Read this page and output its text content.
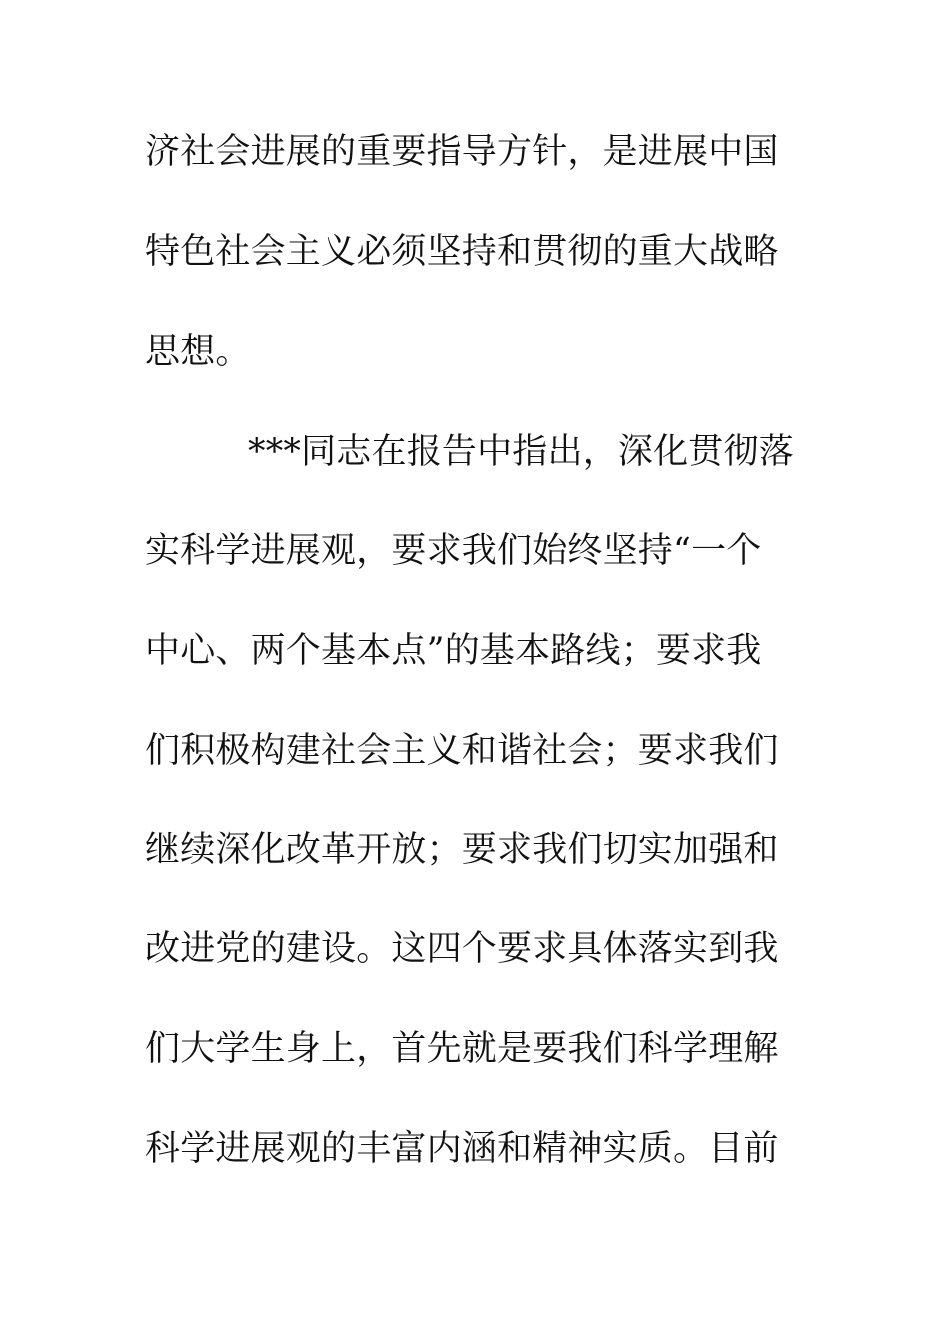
济社会进展的重要指导方针，是进展中国
特色社会主义必须坚持和贯彻的重大战略
思想。
***同志在报告中指出，深化贯彻落
实科学进展观，要求我们始终坚持“一个
中心、两个基本点”的基本路线；要求我
们积极构建社会主义和谐社会；要求我们
继续深化改革开放；要求我们切实加强和
改进党的建设。这四个要求具体落实到我
们大学生身上，首先就是要我们科学理解
科学进展观的丰富内涵和精神实质。目前
